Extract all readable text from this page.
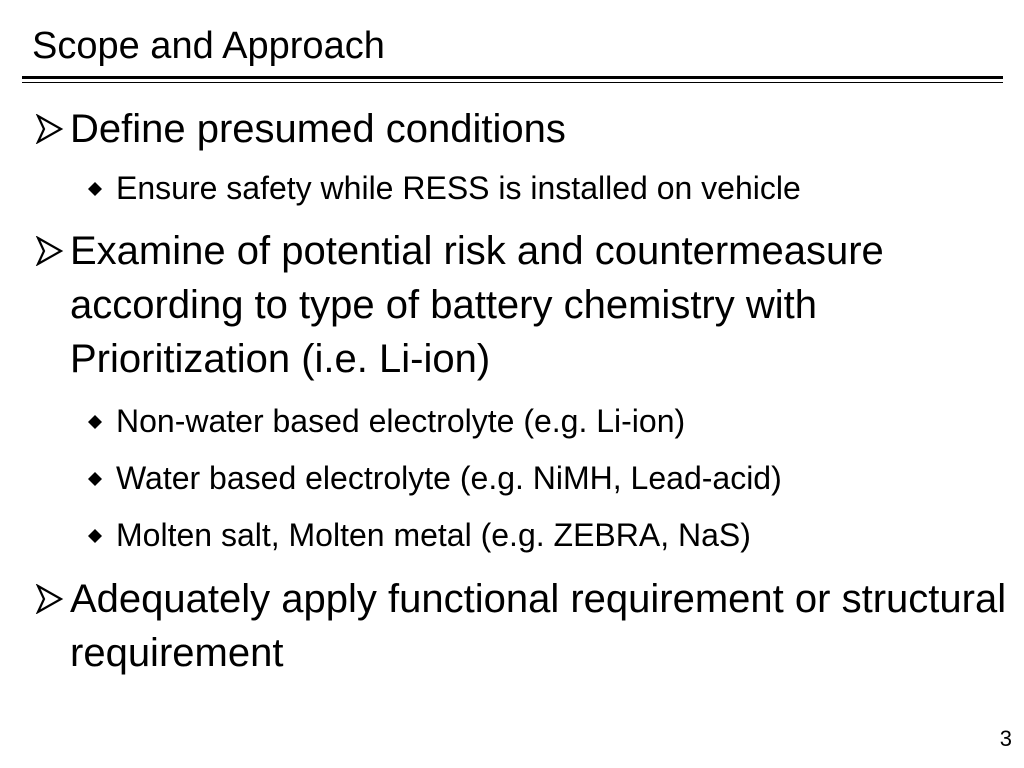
Scope and Approach
Define presumed conditions
Ensure safety while RESS is installed on vehicle
Examine of potential risk and countermeasure according to type of battery chemistry with Prioritization (i.e. Li-ion)
Non-water based electrolyte (e.g. Li-ion)
Water based electrolyte (e.g. NiMH, Lead-acid)
Molten salt, Molten metal (e.g. ZEBRA, NaS)
Adequately apply functional requirement or structural requirement
3
